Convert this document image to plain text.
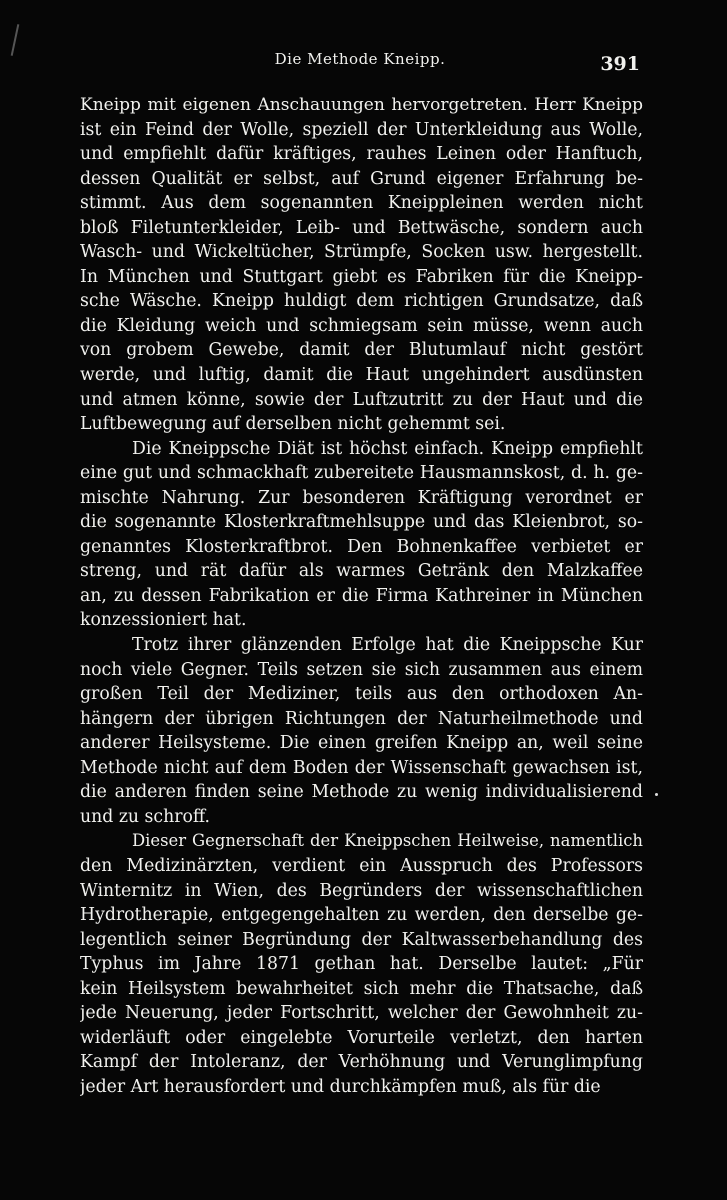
Die Methode Kneipp.	391
Kneipp mit eigenen Anschauungen hervorgetreten. Herr Kneipp
ist ein Feind der Wolle, speziell der Unterkleidung aus Wolle,
und empfiehlt dafür kräftiges, rauhes Leinen oder Hanftuch,
dessen Qualität er selbst, auf Grund eigener Erfahrung be-
stimmt. Aus dem sogenannten Kneippleinen werden nicht
bloß Filetunterkleider, Leib- und Bettwäsche, sondern auch
Wasch- und Wickeltücher, Strümpfe, Socken usw. hergestellt.
In München und Stuttgart giebt es Fabriken für die Kneipp-
sche Wäsche. Kneipp huldigt dem richtigen Grundsatze, daß
die Kleidung weich und schmiegsam sein müsse, wenn auch
von grobem Gewebe, damit der Blutumlauf nicht gestört
werde, und luftig, damit die Haut ungehindert ausdünsten
und atmen könne, sowie der Luftzutritt zu der Haut und die
Luftbewegung auf derselben nicht gehemmt sei.
Die Kneippsche Diät ist höchst einfach. Kneipp empfiehlt
eine gut und schmackhaft zubereitete Hausmannskost, d. h. ge-
mischte Nahrung. Zur besonderen Kräftigung verordnet er
die sogenannte Klosterkraftmehlsuppe und das Kleienbrot, so-
genanntes Klosterkraftbrot. Den Bohnenkaffee verbietet er
streng, und rät dafür als warmes Getränk den Malzkaffee
an, zu dessen Fabrikation er die Firma Kathreiner in München
konzessioniert hat.
Trotz ihrer glänzenden Erfolge hat die Kneippsche Kur
noch viele Gegner. Teils setzen sie sich zusammen aus einem
großen Teil der Mediziner, teils aus den orthodoxen An-
hängern der übrigen Richtungen der Naturheilmethode und
anderer Heilsysteme. Die einen greifen Kneipp an, weil seine
Methode nicht auf dem Boden der Wissenschaft gewachsen ist,
die anderen finden seine Methode zu wenig individualisierend
und zu schroff.
Dieser Gegnerschaft der Kneippschen Heilweise, namentlich
den Medizinärzten, verdient ein Ausspruch des Professors
Winternitz in Wien, des Begründers der wissenschaftlichen
Hydrotherapie, entgegengehalten zu werden, den derselbe ge-
legentlich seiner Begründung der Kaltwasserbehandlung des
Typhus im Jahre 1871 gethan hat. Derselbe lautet: „Für
kein Heilsystem bewahrheitet sich mehr die Thatsache, daß
jede Neuerung, jeder Fortschritt, welcher der Gewohnheit zu-
widerläuft oder eingelebte Vorurteile verletzt, den harten
Kampf der Intoleranz, der Verhöhnung und Verunglimpfung
jeder Art herausfordert und durchkämpfen muß, als für die
